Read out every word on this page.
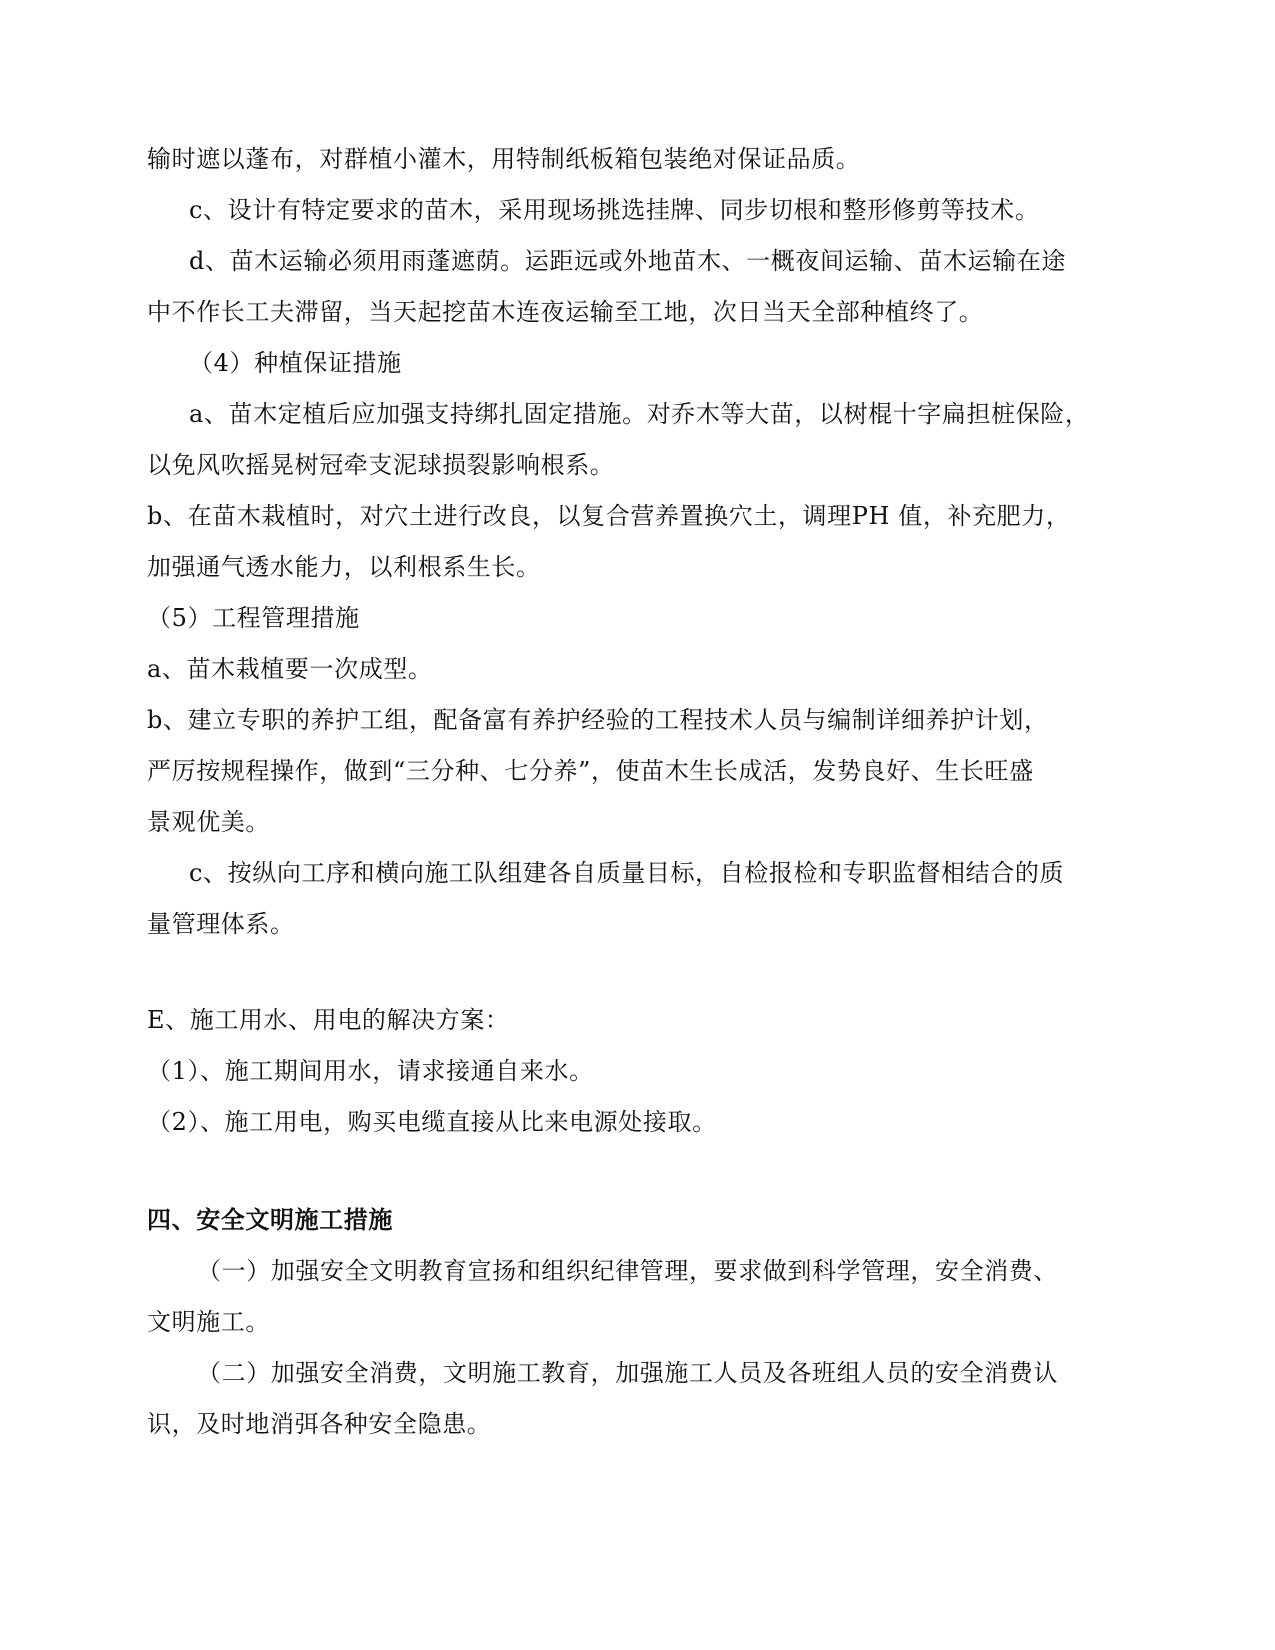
输时遮以蓬布，对群植小灌木，用特制纸板箱包装绝对保证品质。
c、设计有特定要求的苗木，采用现场挑选挂牌、同步切根和整形修剪等技术。
d、苗木运输必须用雨蓬遮荫。运距远或外地苗木、一概夜间运输、苗木运输在途
中不作长工夫滞留，当天起挖苗木连夜运输至工地，次日当天全部种植终了。
（4）种植保证措施
a、苗木定植后应加强支持绑扎固定措施。对乔木等大苗，以树棍十字扁担桩保险，
以免风吹摇晃树冠牵支泥球损裂影响根系。
b、在苗木栽植时，对穴土进行改良，以复合营养置换穴土，调理PH 值，补充肥力，
加强通气透水能力，以利根系生长。
（5）工程管理措施
a、苗木栽植要一次成型。
b、建立专职的养护工组，配备富有养护经验的工程技术人员与编制详细养护计划，
严厉按规程操作，做到“三分种、七分养”，使苗木生长成活，发势良好、生长旺盛
景观优美。
c、按纵向工序和横向施工队组建各自质量目标，自检报检和专职监督相结合的质
量管理体系。
E、施工用水、用电的解决方案：
（1）、施工期间用水，请求接通自来水。
（2）、施工用电，购买电缆直接从比来电源处接取。
四、安全文明施工措施
（一）加强安全文明教育宣扬和组织纪律管理，要求做到科学管理，安全消费、
文明施工。
（二）加强安全消费，文明施工教育，加强施工人员及各班组人员的安全消费认
识，及时地消弭各种安全隐患。
